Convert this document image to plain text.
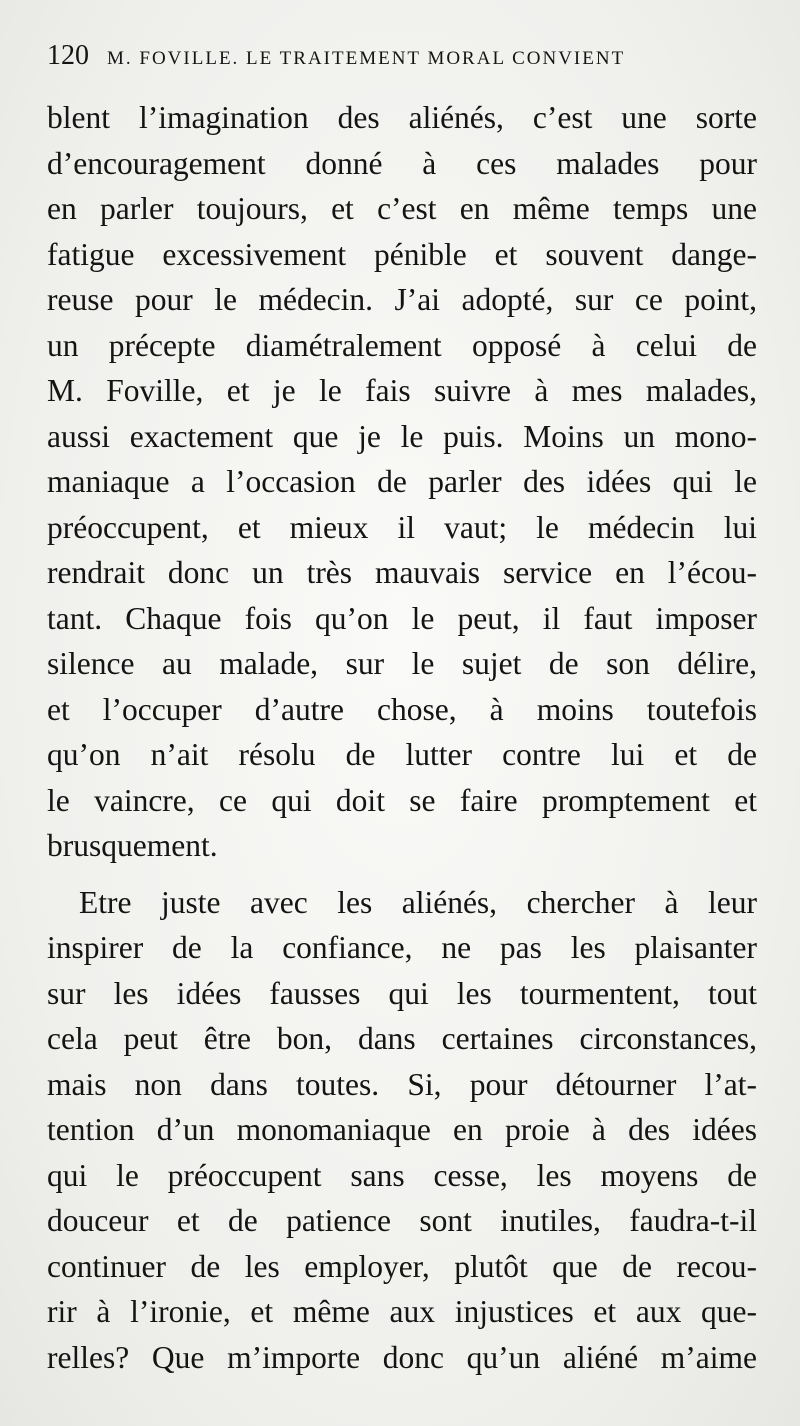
120 M. FOVILLE. LE TRAITEMENT MORAL CONVIENT
blent l’imagination des aliénés, c’est une sorte
d’encouragement donné à ces malades pour
en parler toujours, et c’est en même temps une
fatigue excessivement pénible et souvent dange-
reuse pour le médecin. J’ai adopté, sur ce point,
un précepte diamétralement opposé à celui de
M. Foville, et je le fais suivre à mes malades,
aussi exactement que je le puis. Moins un mono-
maniaque a l’occasion de parler des idées qui le
préoccupent, et mieux il vaut; le médecin lui
rendrait donc un très mauvais service en l’écou-
tant. Chaque fois qu’on le peut, il faut imposer
silence au malade, sur le sujet de son délire,
et l’occuper d’autre chose, à moins toutefois
qu’on n’ait résolu de lutter contre lui et de
le vaincre, ce qui doit se faire promptement et
brusquement.
Etre juste avec les aliénés, chercher à leur
inspirer de la confiance, ne pas les plaisanter
sur les idées fausses qui les tourmentent, tout
cela peut être bon, dans certaines circonstances,
mais non dans toutes. Si, pour détourner l’at-
tention d’un monomaniaque en proie à des idées
qui le préoccupent sans cesse, les moyens de
douceur et de patience sont inutiles, faudra-t-il
continuer de les employer, plutôt que de recou-
rir à l’ironie, et même aux injustices et aux que-
relles? Que m’importe donc qu’un aliéné m’aime
